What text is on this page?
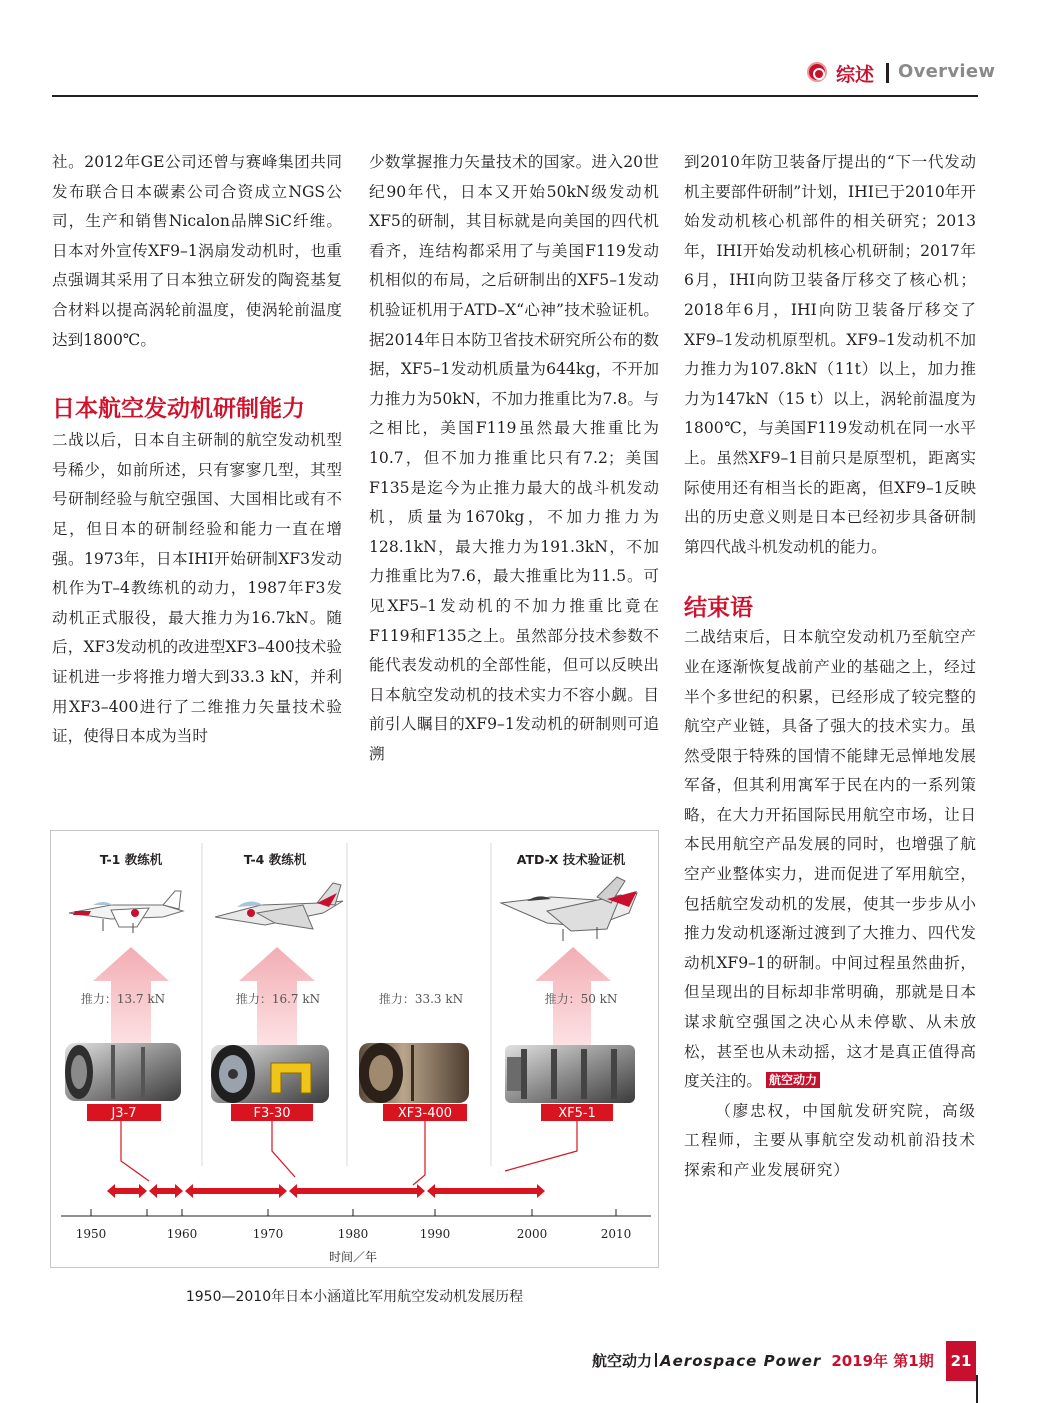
综述 Overview

社。2012年GE公司还曾与赛峰集团共同发布联合日本碳素公司合资成立NGS公司，生产和销售Nicalon品牌SiC纤维。日本对外宣传XF9–1涡扇发动机时，也重点强调其采用了日本独立研发的陶瓷基复合材料以提高涡轮前温度，使涡轮前温度达到1800℃。

日本航空发动机研制能力

二战以后，日本自主研制的航空发动机型号稀少，如前所述，只有寥寥几型，其型号研制经验与航空强国、大国相比或有不足，但日本的研制经验和能力一直在增强。1973年，日本IHI开始研制XF3发动机作为T–4教练机的动力，1987年F3发动机正式服役，最大推力为16.7kN。随后，XF3发动机的改进型XF3–400技术验证机进一步将推力增大到33.3 kN，并利用XF3–400进行了二维推力矢量技术验证，使得日本成为当时

少数掌握推力矢量技术的国家。进入20世纪90年代，日本又开始50kN级发动机XF5的研制，其目标就是向美国的四代机看齐，连结构都采用了与美国F119发动机相似的布局，之后研制出的XF5–1发动机验证机用于ATD–X“心神”技术验证机。据2014年日本防卫省技术研究所公布的数据，XF5–1发动机质量为644kg，不开加力推力为50kN，不加力推重比为7.8。与之相比，美国F119虽然最大推重比为10.7，但不加力推重比只有7.2；美国F135是迄今为止推力最大的战斗机发动机，质量为1670kg，不加力推力为128.1kN，最大推力为191.3kN，不加力推重比为7.6，最大推重比为11.5。可见XF5–1发动机的不加力推重比竟在F119和F135之上。虽然部分技术参数不能代表发动机的全部性能，但可以反映出日本航空发动机的技术实力不容小觑。目前引人瞩目的XF9–1发动机的研制则可追溯

到2010年防卫装备厅提出的“下一代发动机主要部件研制”计划，IHI已于2010年开始发动机核心机部件的相关研究；2013年，IHI开始发动机核心机研制；2017年6月，IHI向防卫装备厅移交了核心机；2018年6月，IHI向防卫装备厅移交了XF9–1发动机原型机。XF9–1发动机不加力推力为107.8kN（11t）以上，加力推力为147kN（15 t）以上，涡轮前温度为1800℃，与美国F119发动机在同一水平上。虽然XF9–1目前只是原型机，距离实际使用还有相当长的距离，但XF9–1反映出的历史意义则是日本已经初步具备研制第四代战斗机发动机的能力。

结束语

二战结束后，日本航空发动机乃至航空产业在逐渐恢复战前产业的基础之上，经过半个多世纪的积累，已经形成了较完整的航空产业链，具备了强大的技术实力。虽然受限于特殊的国情不能肆无忌惮地发展军备，但其利用寓军于民在内的一系列策略，在大力开拓国际民用航空市场，让日本民用航空产品发展的同时，也增强了航空产业整体实力，进而促进了军用航空，包括航空发动机的发展，使其一步步从小推力发动机逐渐过渡到了大推力、四代发动机XF9–1的研制。中间过程虽然曲折，但呈现出的目标却非常明确，那就是日本谋求航空强国之决心从未停歇、从未放松，甚至也从未动摇，这才是真正值得高度关注的。 航空动力

（廖忠权，中国航发研究院，高级工程师，主要从事航空发动机前沿技术探索和产业发展研究）

T-1 教练机	T-4 教练机	ATD-X 技术验证机
推力：13.7 kN	推力：16.7 kN	推力：33.3 kN	推力：50 kN
J3-7	F3-30	XF3-400	XF5-1
1950	1960	1970	1980	1990	2000	2010
时间／年
1950—2010年日本小涵道比军用航空发动机发展历程
航空动力 Aerospace Power 2019年 第1期	21
